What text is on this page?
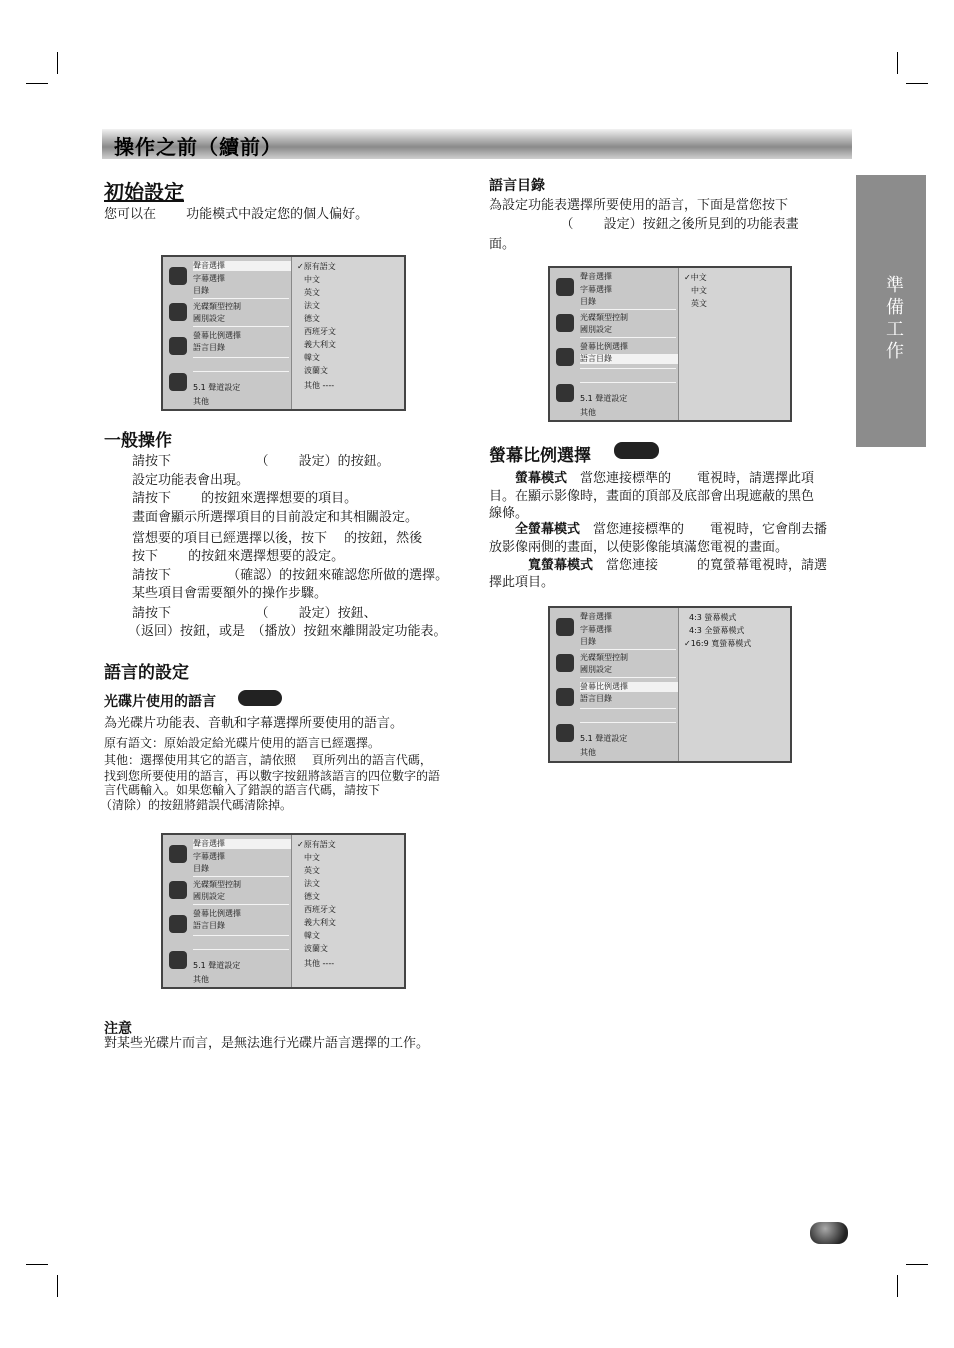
操作之前（續前）
準備工作
初始設定
您可以在　　 功能模式中設定您的個人偏好。
聲音選擇
字幕選擇
目錄
光碟類型控制
國別設定
螢幕比例選擇
語言目錄
5.1 聲道設定
其他
✓原有語文
中文
英文
法文
德文
西班牙文
義大利文
韓文
波蘭文
其他 ----
一般操作
請按下　　　　　　　（　　 設定）的按鈕。
設定功能表會出現。
請按下　　 的按鈕來選擇想要的項目。
畫面會顯示所選擇項目的目前設定和其相關設定。
當想要的項目已經選擇以後，按下　 的按鈕，然後
按下　　 的按鈕來選擇想要的設定。
請按下　　　　 （確認）的按鈕來確認您所做的選擇。
某些項目會需要額外的操作步驟。
請按下　　　　　　　（　　 設定）按鈕、
（返回）按鈕，或是　（播放）按鈕來離開設定功能表。
語言的設定
光碟片使用的語言
為光碟片功能表、音軌和字幕選擇所要使用的語言。
原有語文：原始設定給光碟片使用的語言已經選擇。
其他：選擇使用其它的語言，請依照　 頁所列出的語言代碼，
找到您所要使用的語言，再以數字按鈕將該語言的四位數字的語
言代碼輸入。如果您輸入了錯誤的語言代碼，請按下
（清除）的按鈕將錯誤代碼清除掉。
聲音選擇
字幕選擇
目錄
光碟類型控制
國別設定
螢幕比例選擇
語言目錄
5.1 聲道設定
其他
✓原有語文
中文
英文
法文
德文
西班牙文
義大利文
韓文
波蘭文
其他 ----
注意
對某些光碟片而言，是無法進行光碟片語言選擇的工作。
語言目錄
為設定功能表選擇所要使用的語言，下面是當您按下
　　　　　　（　　 設定）按鈕之後所見到的功能表畫
面。
聲音選擇
字幕選擇
目錄
光碟類型控制
國別設定
螢幕比例選擇
語言目錄
5.1 聲道設定
其他
✓中文
中文
英文
螢幕比例選擇
　　螢幕模式　 當您連接標準的　　電視時，請選擇此項
目。在顯示影像時，畫面的頂部及底部會出現遮蔽的黑色
線條。
　　全螢幕模式　 當您連接標準的　　電視時，它會削去播
放影像兩側的畫面，以使影像能填滿您電視的畫面。
　　　寬螢幕模式　 當您連接　　　的寬螢幕電視時，請選
擇此項目。
聲音選擇
字幕選擇
目錄
光碟類型控制
國別設定
螢幕比例選擇
語言目錄
5.1 聲道設定
其他
4:3 螢幕模式
4:3 全螢幕模式
✓16:9 寬螢幕模式
